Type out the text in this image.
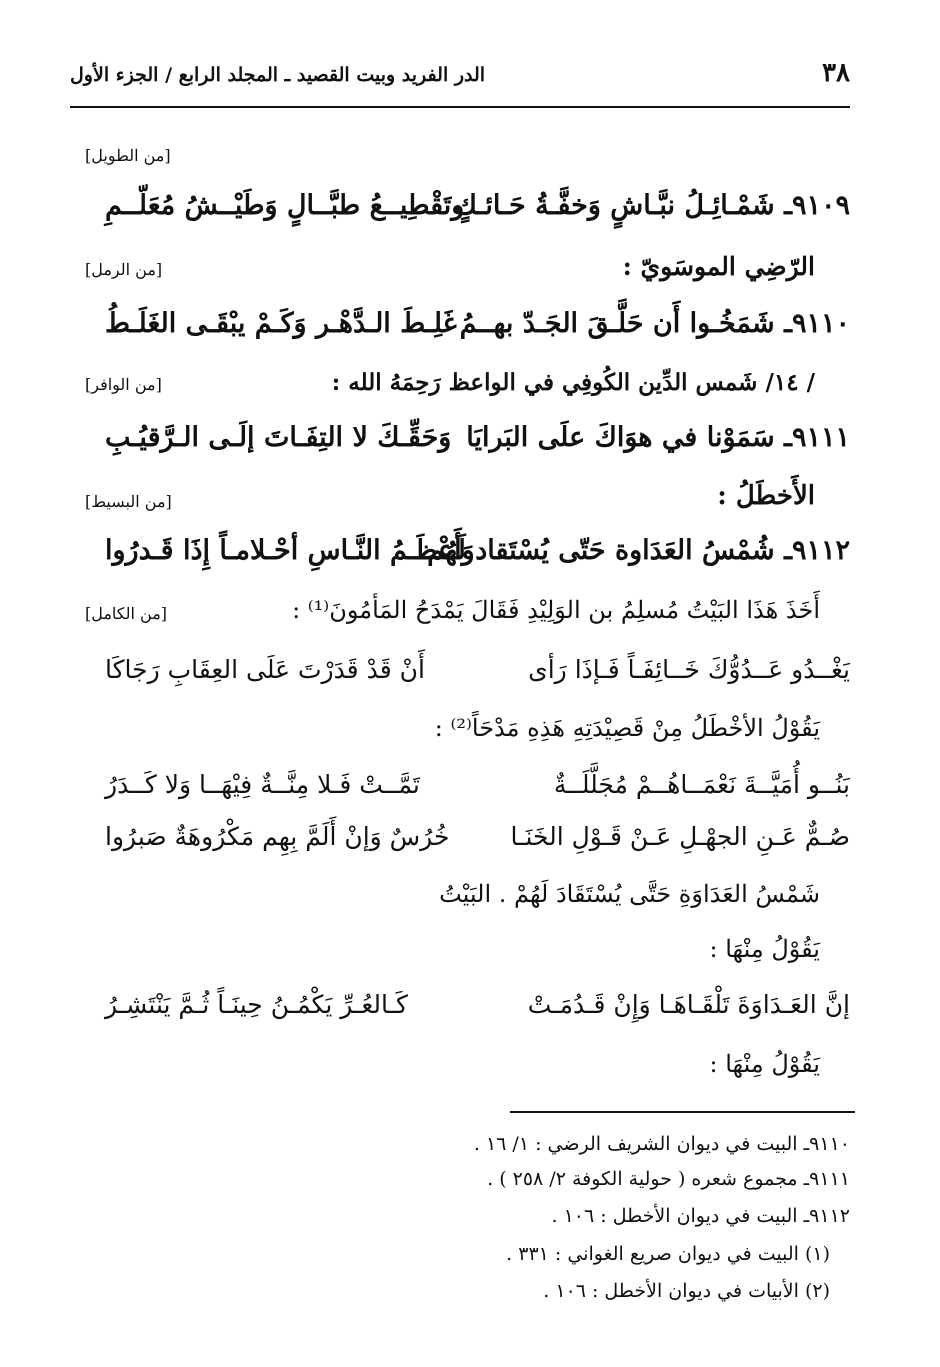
٣٨
الدر الفريد وبيت القصيد ـ المجلد الرابع / الجزء الأول
[من الطويل]
٩١٠٩ـ شَمْـائِـلُ نبَّـاشٍ وَخفَّـةُ حَـائـكٍ
وتَقْطِيــعُ طبَّــالٍ وَطَيْــشُ مُعَلّــمِ
الرّضِي الموسَويّ :
[من الرمل]
٩١١٠ـ شَمَخُـوا أَن حَلَّـقَ الجَـدّ بهــمُ
غَلِـطَ الـدَّهْـر وَكَـمْ يبْقَـى الغَلَـطُ
/ ١٤/ شَمس الدِّين الكُوفِي في الواعظ رَحِمَهُ الله :
[من الوافر]
٩١١١ـ سَمَوْنا في هوَاكَ علَى البَرايَا
وَحَقِّـكَ لا التِفَـاتَ إلَـى الـرَّقيُـبِ
الأَخطَلُ :
[من البسيط]
٩١١٢ـ شُمْسُ العَدَاوة حَتّى يُسْتَقاد لَهُم
وَأَعْظَـمُ النَّـاسِ أحْـلامـاً إِذَا قَـدرُوا
أَخَذَ هَذَا البَيْتُ مُسلِمُ بن الوَلِيْدِ فَقَالَ يَمْدَحُ المَأمُونَ⁽¹⁾ :
[من الكامل]
يَغْــدُو عَــدُوُّكَ خَــائِفَـاً فَـإذَا رَأى
أَنْ قَدْ قَدَرْتَ عَلَى العِقَابِ رَجَاكَا
يَقُوْلُ الأخْطَلُ مِنْ قَصِيْدَتِهِ هَذِهِ مَدْحَاً⁽²⁾ :
بَنُــو أُمَيَّــةَ نَعْمَــاهُــمْ مُجَلَّلَــةٌ
تَمَّــتْ فَـلا مِنَّــةٌ فِيْهَــا وَلا كَــدَرُ
صُـمٌّ عَـنِ الجهْـلِ عَـنْ قَـوْلِ الخَنَـا
خُرُسٌ وَإنْ أَلَمَّ بِهِم مَكْرُوهَةٌ صَبرُوا
شَمْسُ العَدَاوَةِ حَتَّى يُسْتَقَادَ لَهُمْ . البَيْتُ
يَقُوْلُ مِنْهَا :
إنَّ العَـدَاوَةَ تَلْقَـاهَـا وَإِنْ قَـدُمَـتْ
كَـالعُـرِّ يَكْمُـنُ حِينَـاً ثُـمَّ يَنْتَشِـرُ
يَقُوْلُ مِنْهَا :
٩١١٠ـ البيت في ديوان الشريف الرضي : ١/ ١٦ .
٩١١١ـ مجموع شعره ( حولية الكوفة ٢/ ٢٥٨ ) .
٩١١٢ـ البيت في ديوان الأخطل : ١٠٦ .
(١) البيت في ديوان صريع الغواني : ٣٣١ .
(٢) الأبيات في ديوان الأخطل : ١٠٦ .
